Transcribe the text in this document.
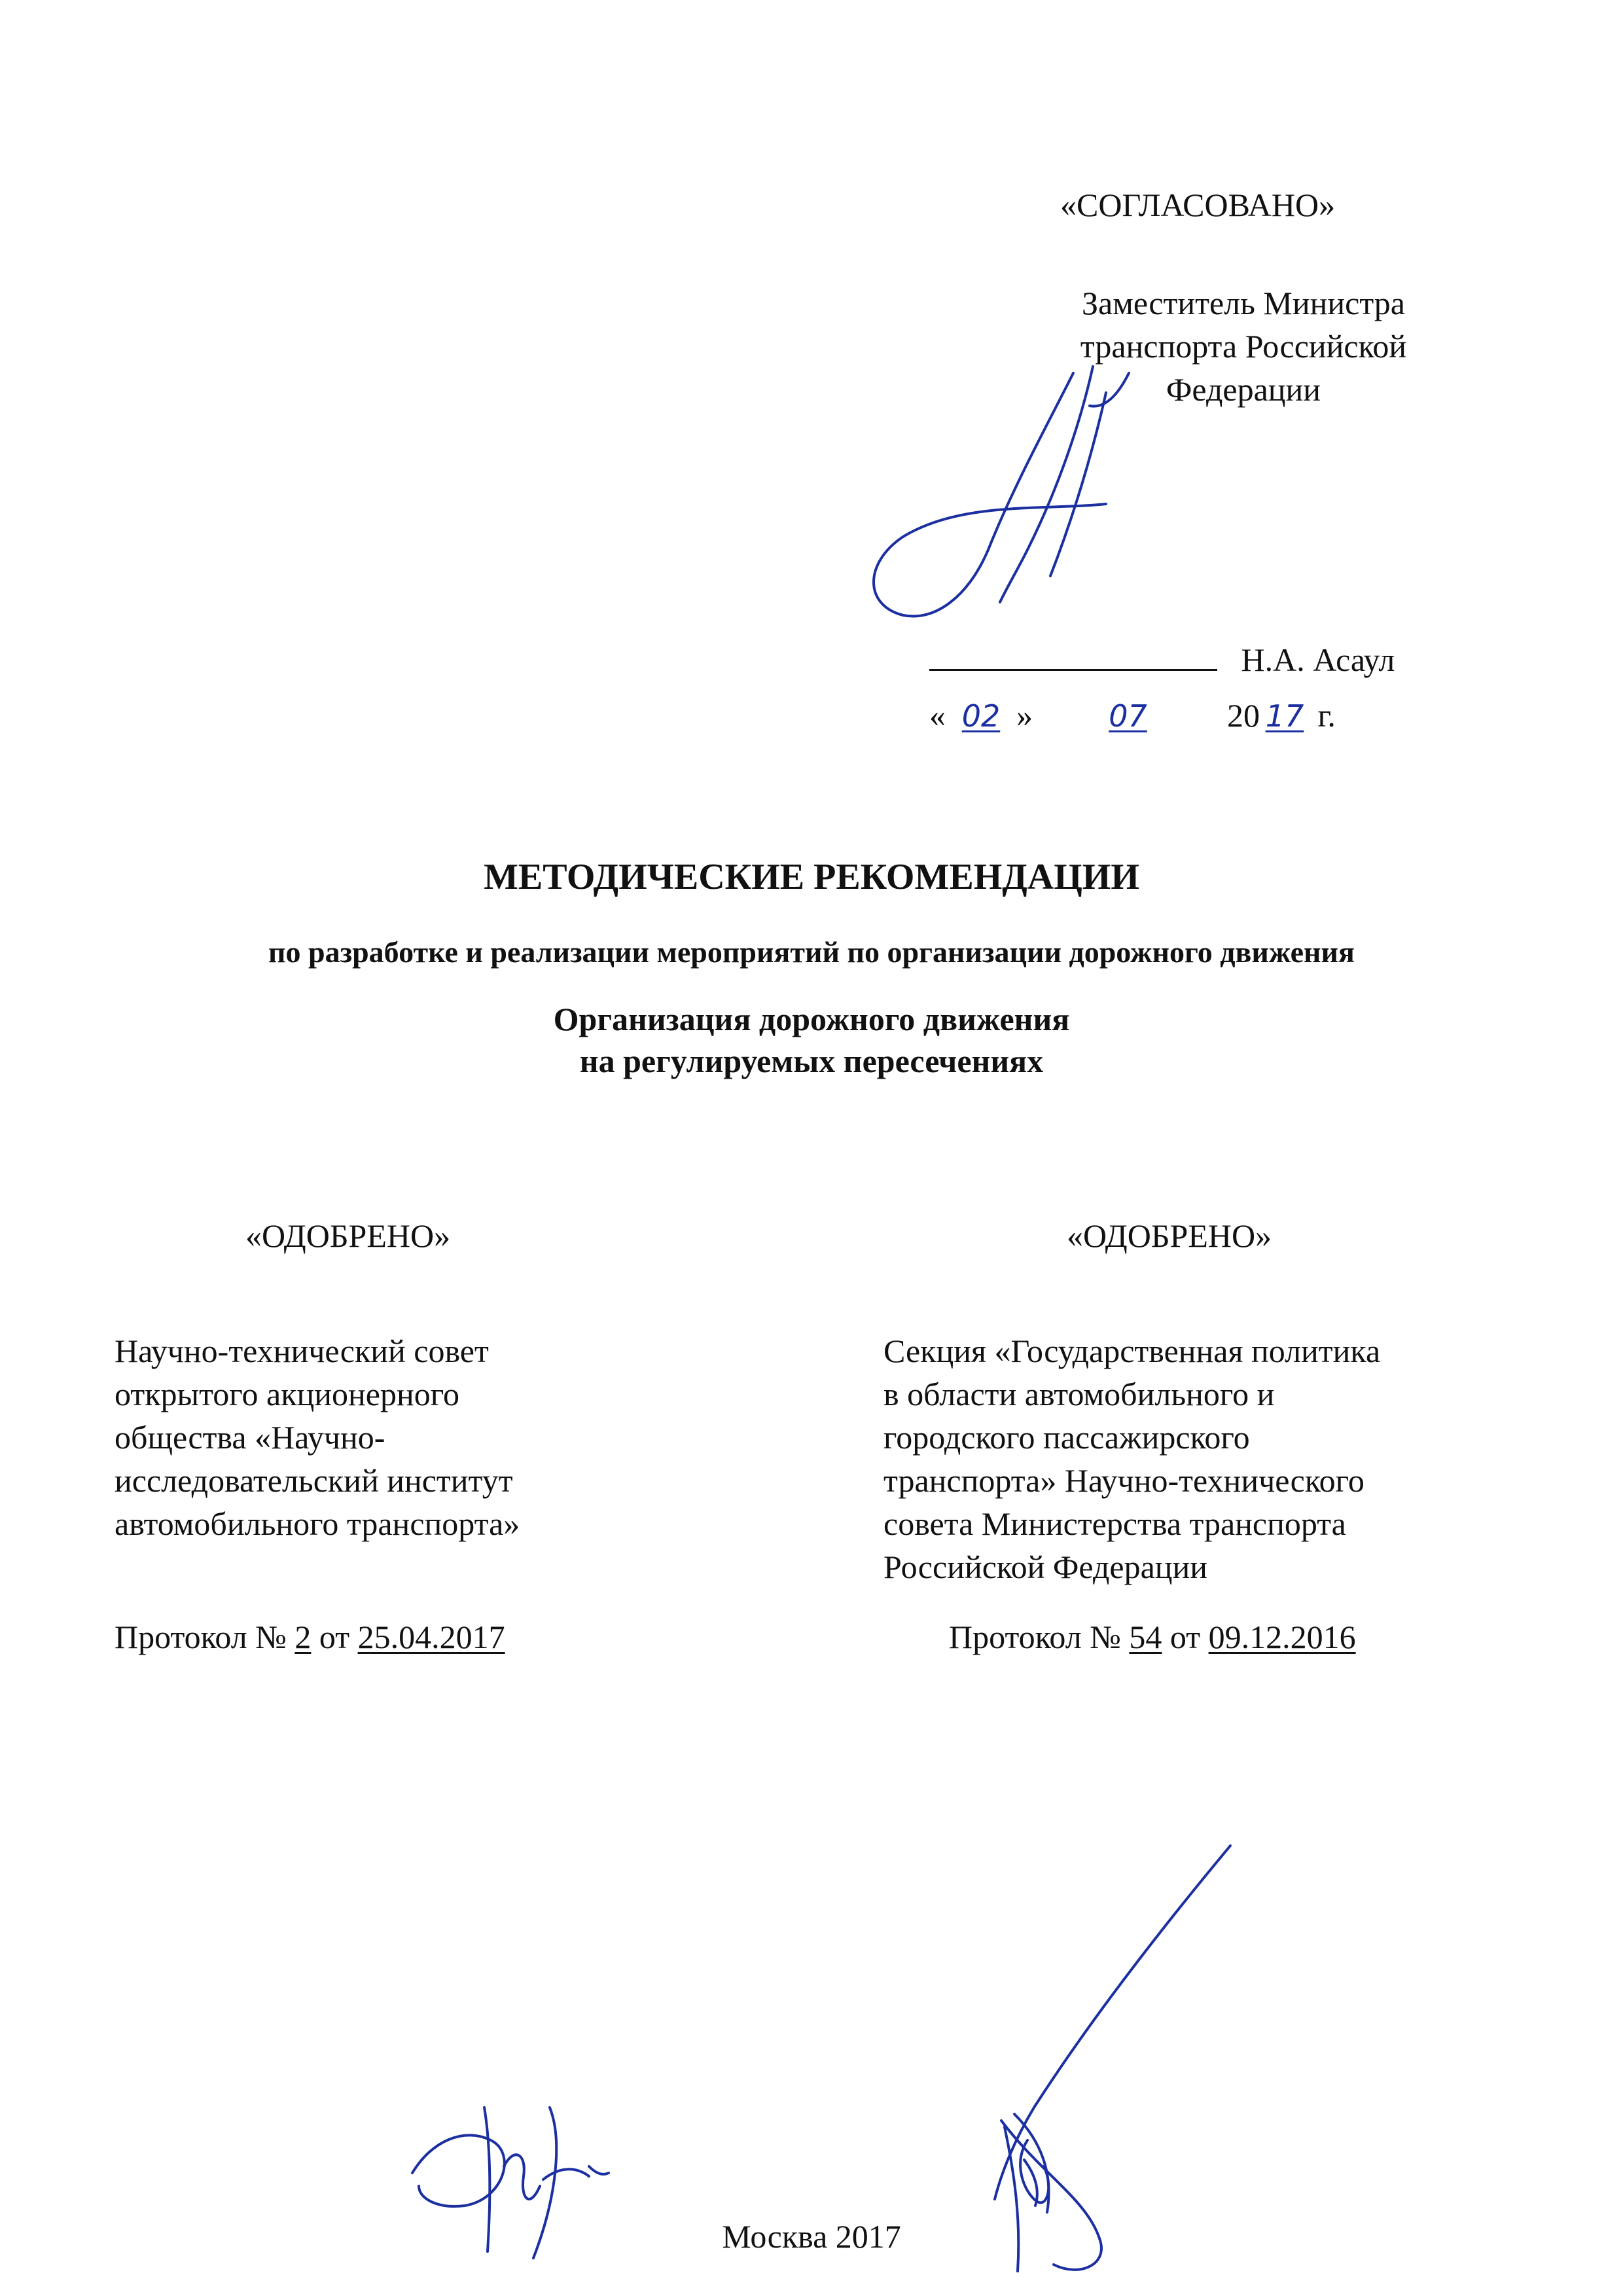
«СОГЛАСОВАНО»
Заместитель Министра
транспорта Российской
Федерации
Н.А. Асаул
« 02 »	07 20 17 г.
МЕТОДИЧЕСКИЕ РЕКОМЕНДАЦИИ
по разработке и реализации мероприятий по организации дорожного движения
Организация дорожного движения
на регулируемых пересечениях
«ОДОБРЕНО»
Научно-технический совет
открытого акционерного
общества «Научно-
исследовательский институт
автомобильного транспорта»
«ОДОБРЕНО»
Секция «Государственная политика
в области автомобильного и
городского пассажирского
транспорта» Научно-технического
совета Министерства транспорта
Российской Федерации
Протокол № 2 от 25.04.2017	Протокол № 54 от 09.12.2016
Москва 2017
